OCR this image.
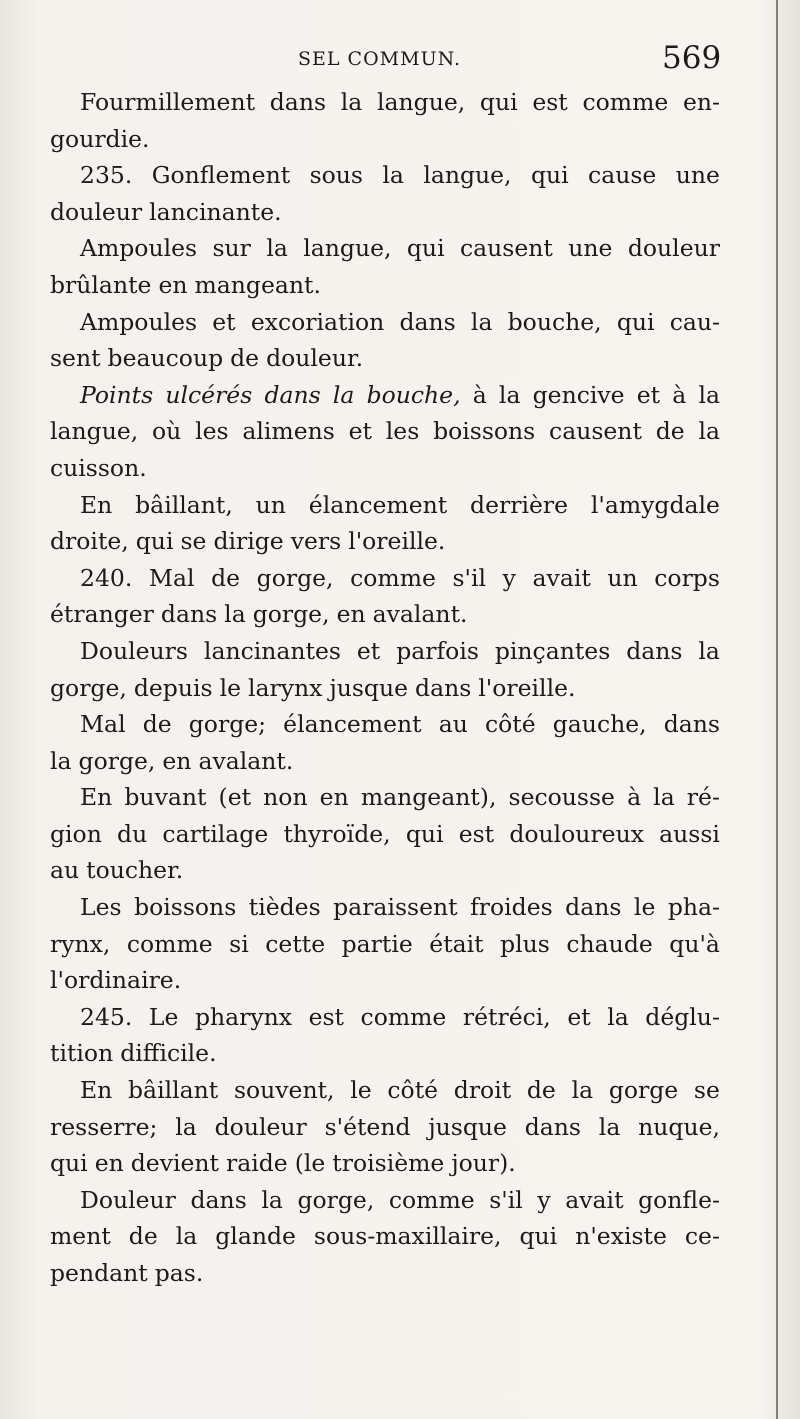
SEL COMMUN.	569
Fourmillement dans la langue, qui est comme en-
gourdie.
235. Gonflement sous la langue, qui cause une
douleur lancinante.
Ampoules sur la langue, qui causent une douleur
brûlante en mangeant.
Ampoules et excoriation dans la bouche, qui cau-
sent beaucoup de douleur.
Points ulcérés dans la bouche, à la gencive et à la
langue, où les alimens et les boissons causent de la
cuisson.
En bâillant, un élancement derrière l'amygdale
droite, qui se dirige vers l'oreille.
240. Mal de gorge, comme s'il y avait un corps
étranger dans la gorge, en avalant.
Douleurs lancinantes et parfois pinçantes dans la
gorge, depuis le larynx jusque dans l'oreille.
Mal de gorge; élancement au côté gauche, dans
la gorge, en avalant.
En buvant (et non en mangeant), secousse à la ré-
gion du cartilage thyroïde, qui est douloureux aussi
au toucher.
Les boissons tièdes paraissent froides dans le pha-
rynx, comme si cette partie était plus chaude qu'à
l'ordinaire.
245. Le pharynx est comme rétréci, et la déglu-
tition difficile.
En bâillant souvent, le côté droit de la gorge se
resserre; la douleur s'étend jusque dans la nuque,
qui en devient raide (le troisième jour).
Douleur dans la gorge, comme s'il y avait gonfle-
ment de la glande sous-maxillaire, qui n'existe ce-
pendant pas.
